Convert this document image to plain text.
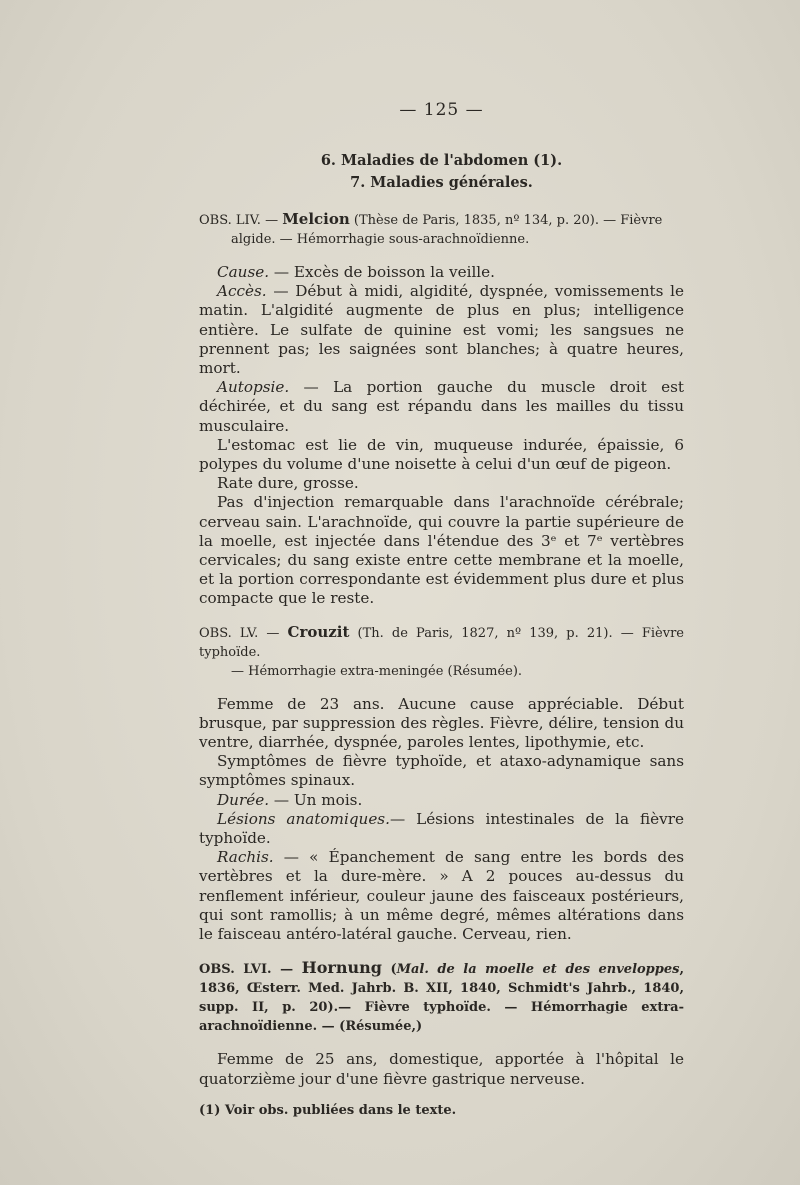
— 125 —

6. Maladies de l'abdomen (1).

7. Maladies générales.

OBS. LIV. — Melcion (Thèse de Paris, 1835, nº 134, p. 20). — Fièvre
algide. — Hémorrhagie sous-arachnoïdienne.

Cause. — Excès de boisson la veille.

Accès. — Début à midi, algidité, dyspnée, vomissements le matin. L'algidité augmente de plus en plus; intelligence entière. Le sulfate de quinine est vomi; les sangsues ne prennent pas; les saignées sont blanches; à quatre heures, mort.

Autopsie. — La portion gauche du muscle droit est déchirée, et du sang est répandu dans les mailles du tissu musculaire.

L'estomac est lie de vin, muqueuse indurée, épaissie, 6 polypes du volume d'une noisette à celui d'un œuf de pigeon.

Rate dure, grosse.

Pas d'injection remarquable dans l'arachnoïde cérébrale; cerveau sain. L'arachnoïde, qui couvre la partie supérieure de la moelle, est injectée dans l'étendue des 3ᵉ et 7ᵉ vertèbres cervicales; du sang existe entre cette membrane et la moelle, et la portion correspondante est évidemment plus dure et plus compacte que le reste.

OBS. LV. — Crouzit (Th. de Paris, 1827, nº 139, p. 21). — Fièvre typhoïde.
— Hémorrhagie extra-meningée (Résumée).

Femme de 23 ans. Aucune cause appréciable. Début brusque, par suppression des règles. Fièvre, délire, tension du ventre, diarrhée, dyspnée, paroles lentes, lipothymie, etc.

Symptômes de fièvre typhoïde, et ataxo-adynamique sans symptômes spinaux.

Durée. — Un mois.

Lésions anatomiques.— Lésions intestinales de la fièvre typhoïde.

Rachis. — « Épanchement de sang entre les bords des vertèbres et la dure-mère. » A 2 pouces au-dessus du renflement inférieur, couleur jaune des faisceaux postérieurs, qui sont ramollis; à un même degré, mêmes altérations dans le faisceau antéro-latéral gauche. Cerveau, rien.

OBS. LVI. — Hornung (Mal. de la moelle et des enveloppes, 1836, Œsterr. Med. Jahrb. B. XII, 1840, Schmidt's Jahrb., 1840, supp. II, p. 20).— Fièvre typhoïde. — Hémorrhagie extra-arachnoïdienne. — (Résumée,)

Femme de 25 ans, domestique, apportée à l'hôpital le quatorzième jour d'une fièvre gastrique nerveuse.

(1) Voir obs. publiées dans le texte.
